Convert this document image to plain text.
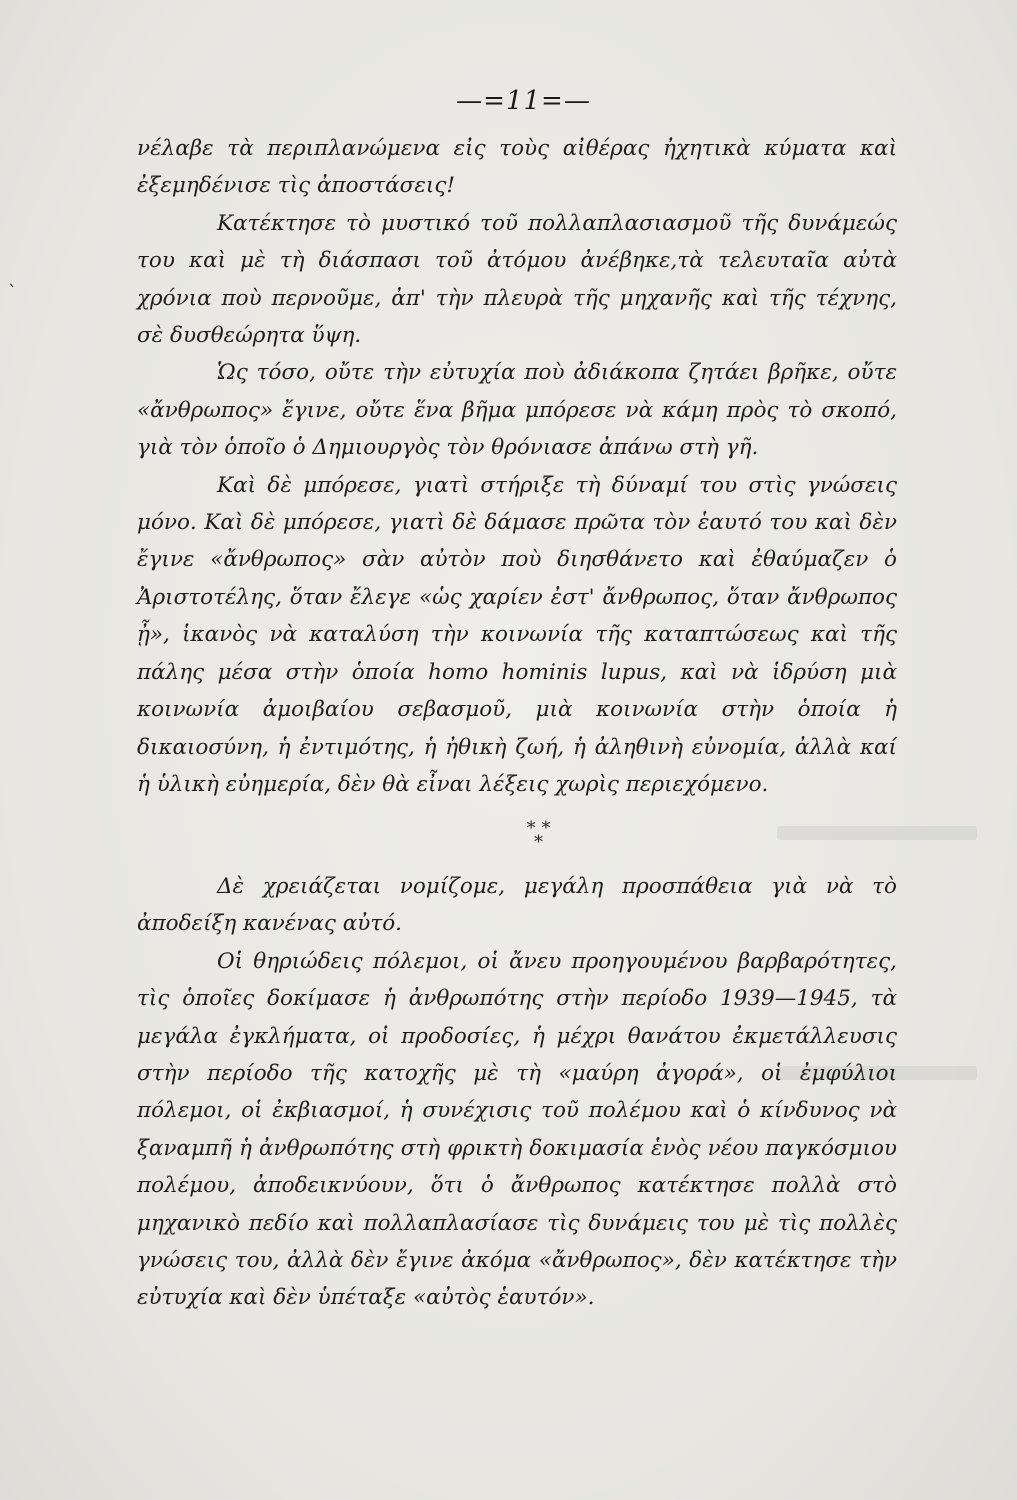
`
—=11=—

νέλαβε τὰ περιπλανώμενα εἰς τοὺς αἰθέρας ἠχητικὰ κύματα καὶ ἐξεμηδένισε τὶς ἀποστάσεις!

Κατέκτησε τὸ μυστικό τοῦ πολλαπλασιασμοῦ τῆς δυνάμεώς του καὶ μὲ τὴ διάσπασι τοῦ ἀτόμου ἀνέβηκε,τὰ τελευταῖα αὐτὰ χρόνια ποὺ περνοῦμε, ἀπ' τὴν πλευρὰ τῆς μηχανῆς καὶ τῆς τέχνης, σὲ δυσθεώρητα ὕψη.

Ὡς τόσο, οὔτε τὴν εὐτυχία ποὺ ἀδιάκοπα ζητάει βρῆκε, οὔτε «ἄνθρωπος» ἔγινε, οὔτε ἕνα βῆμα μπόρεσε νὰ κάμη πρὸς τὸ σκοπό, γιὰ τὸν ὁποῖο ὁ Δημιουργὸς τὸν θρόνιασε ἀπάνω στὴ γῆ.

Καὶ δὲ μπόρεσε, γιατὶ στήριξε τὴ δύναμί του στὶς γνώσεις μόνο. Καὶ δὲ μπόρεσε, γιατὶ δὲ δάμασε πρῶτα τὸν ἑαυτό του καὶ δὲν ἔγινε «ἄνθρωπος» σὰν αὐτὸν ποὺ διησθάνετο καὶ ἐθαύμαζεν ὁ Ἀριστοτέλης, ὅταν ἔλεγε «ὡς χαρίεν ἐστ' ἄνθρωπος, ὅταν ἄνθρωπος ᾖ», ἱκανὸς νὰ καταλύση τὴν κοινωνία τῆς καταπτώσεως καὶ τῆς πάλης μέσα στὴν ὁποία homo hominis lupus, καὶ νὰ ἱδρύση μιὰ κοινωνία ἀμοιβαίου σεβασμοῦ, μιὰ κοινωνία στὴν ὁποία ἡ δικαιοσύνη, ἡ ἐντιμότης, ἡ ἠθικὴ ζωή, ἡ ἀληθινὴ εὐνομία, ἀλλὰ καί ἡ ὑλικὴ εὐημερία, δὲν θὰ εἶναι λέξεις χωρὶς περιεχόμενο.

* *
*

Δὲ χρειάζεται νομίζομε, μεγάλη προσπάθεια γιὰ νὰ τὸ ἀποδείξη κανένας αὐτό.

Οἱ θηριώδεις πόλεμοι, οἱ ἄνευ προηγουμένου βαρβαρότητες, τὶς ὁποῖες δοκίμασε ἡ ἀνθρωπότης στὴν περίοδο 1939—1945, τὰ μεγάλα ἐγκλήματα, οἱ προδοσίες, ἡ μέχρι θανάτου ἐκμετάλλευσις στὴν περίοδο τῆς κατοχῆς μὲ τὴ «μαύρη ἀγορά», οἱ ἐμφύλιοι πόλεμοι, οἱ ἐκβιασμοί, ἡ συνέχισις τοῦ πολέμου καὶ ὁ κίνδυνος νὰ ξαναμπῆ ἡ ἀνθρωπότης στὴ φρικτὴ δοκιμασία ἑνὸς νέου παγκόσμιου πολέμου, ἀποδεικνύουν, ὅτι ὁ ἄνθρωπος κατέκτησε πολλὰ στὸ μηχανικὸ πεδίο καὶ πολλαπλασίασε τὶς δυνάμεις του μὲ τὶς πολλὲς γνώσεις του, ἀλλὰ δὲν ἔγινε ἀκόμα «ἄνθρωπος», δὲν κατέκτησε τὴν εὐτυχία καὶ δὲν ὑπέταξε «αὐτὸς ἑαυτόν».
